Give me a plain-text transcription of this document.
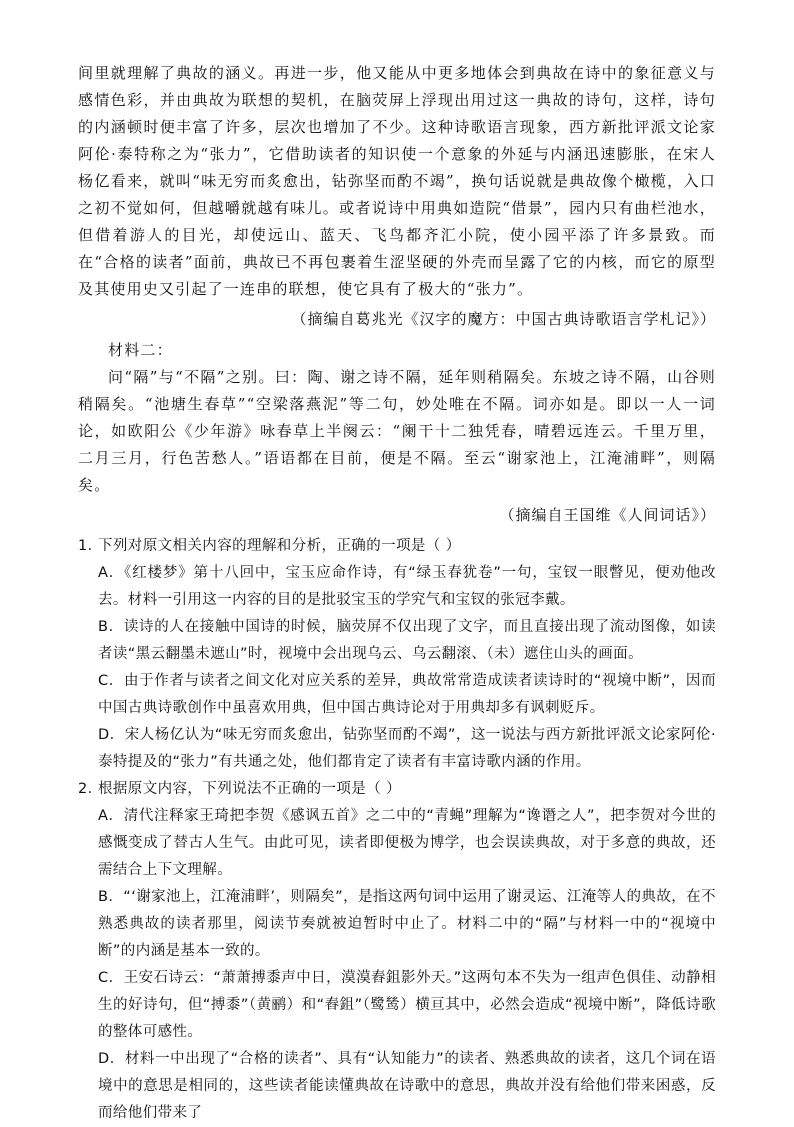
间里就理解了典故的涵义。再进一步，他又能从中更多地体会到典故在诗中的象征意义与感情色彩，并由典故为联想的契机，在脑荧屏上浮现出用过这一典故的诗句，这样，诗句的内涵顿时便丰富了许多，层次也增加了不少。这种诗歌语言现象，西方新批评派文论家阿伦·泰特称之为“张力”，它借助读者的知识使一个意象的外延与内涵迅速膨胀，在宋人杨亿看来，就叫“味无穷而炙愈出，钻弥坚而酌不竭”，换句话说就是典故像个橄榄，入口之初不觉如何，但越嚼就越有味儿。或者说诗中用典如造院“借景”，园内只有曲栏池水，但借着游人的目光，却使远山、蓝天、飞鸟都齐汇小院，使小园平添了许多景致。而在“合格的读者”面前，典故已不再包裹着生涩坚硬的外壳而呈露了它的内核，而它的原型及其使用史又引起了一连串的联想，使它具有了极大的“张力”。

（摘编自葛兆光《汉字的魔方：中国古典诗歌语言学札记》）

材料二：

问“隔”与“不隔”之别。曰：陶、谢之诗不隔，延年则稍隔矣。东坡之诗不隔，山谷则稍隔矣。“池塘生春草”“空梁落燕泥”等二句，妙处唯在不隔。词亦如是。即以一人一词论，如欧阳公《少年游》咏春草上半阕云：“阑干十二独凭春，晴碧远连云。千里万里，二月三月，行色苦愁人。”语语都在目前，便是不隔。至云“谢家池上，江淹浦畔”，则隔矣。

（摘编自王国维《人间词话》）

1．下列对原文相关内容的理解和分析，正确的一项是（ ）

A．《红楼梦》第十八回中，宝玉应命作诗，有“绿玉春犹卷”一句，宝钗一眼瞥见，便劝他改去。材料一引用这一内容的目的是批驳宝玉的学究气和宝钗的张冠李戴。

B．读诗的人在接触中国诗的时候，脑荧屏不仅出现了文字，而且直接出现了流动图像，如读者读“黑云翻墨未遮山”时，视境中会出现乌云、乌云翻滚、（未）遮住山头的画面。

C．由于作者与读者之间文化对应关系的差异，典故常常造成读者读诗时的“视境中断”，因而中国古典诗歌创作中虽喜欢用典，但中国古典诗论对于用典却多有讽刺贬斥。

D．宋人杨亿认为“味无穷而炙愈出，钻弥坚而酌不竭”，这一说法与西方新批评派文论家阿伦·泰特提及的“张力”有共通之处，他们都肯定了读者有丰富诗歌内涵的作用。

2．根据原文内容，下列说法不正确的一项是（ ）

A．清代注释家王琦把李贺《感讽五首》之二中的“青蝇”理解为“谗谮之人”，把李贺对今世的感慨变成了替古人生气。由此可见，读者即便极为博学，也会误读典故，对于多意的典故，还需结合上下文理解。

B．“‘谢家池上，江淹浦畔’，则隔矣”，是指这两句词中运用了谢灵运、江淹等人的典故，在不熟悉典故的读者那里，阅读节奏就被迫暂时中止了。材料二中的“隔”与材料一中的“视境中断”的内涵是基本一致的。

C．王安石诗云：“萧萧搏黍声中日，漠漠舂鉏影外天。”这两句本不失为一组声色俱佳、动静相生的好诗句，但“搏黍”（黄鹂）和“舂鉏”（鹭鸶）横亘其中，必然会造成“视境中断”，降低诗歌的整体可感性。

D．材料一中出现了“合格的读者”、具有“认知能力”的读者、熟悉典故的读者，这几个词在语境中的意思是相同的，这些读者能读懂典故在诗歌中的意思，典故并没有给他们带来困惑，反而给他们带来了
